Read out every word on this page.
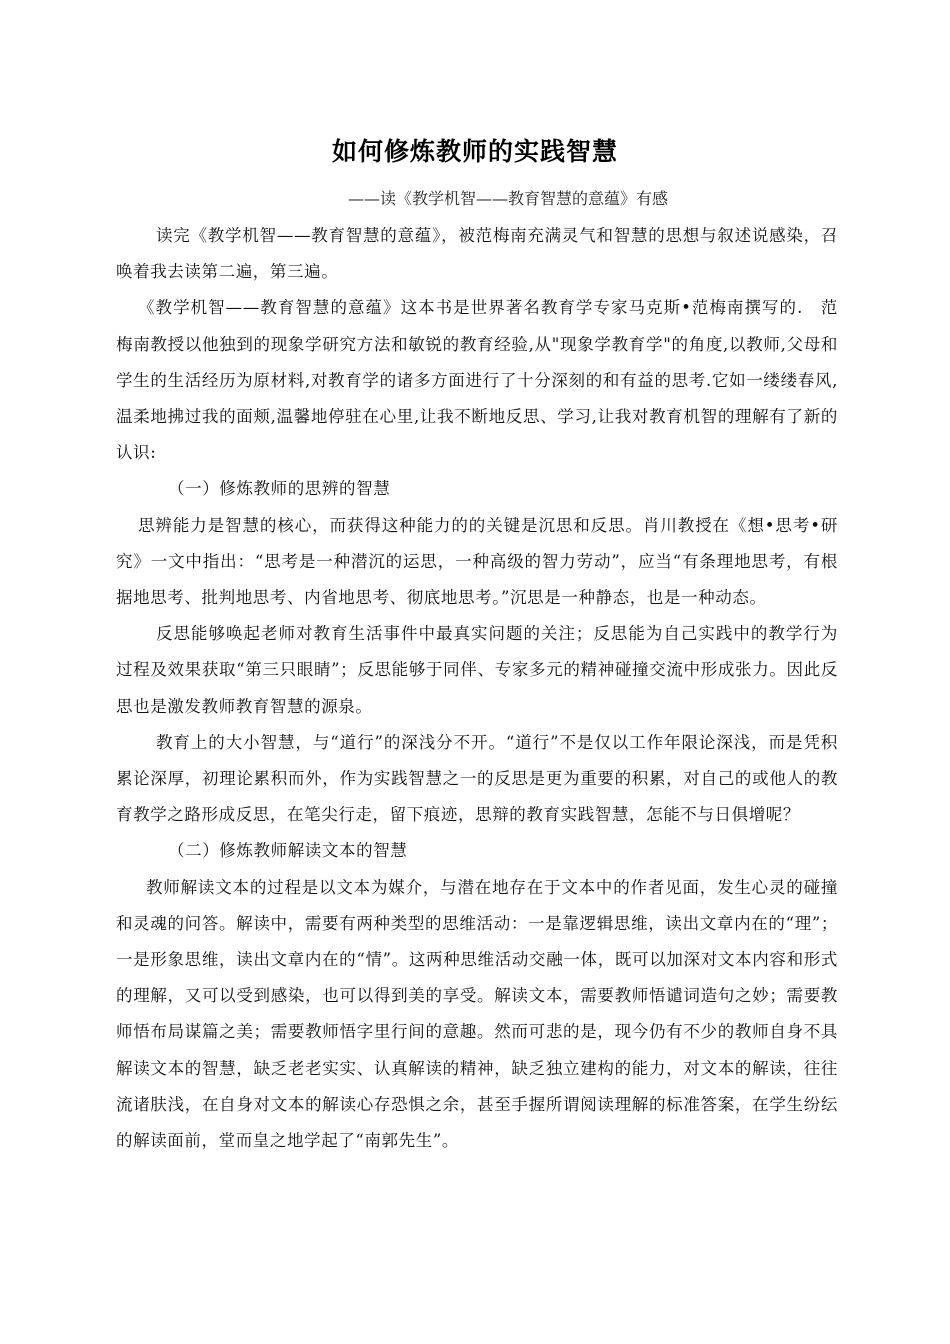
如何修炼教师的实践智慧
——读《教学机智——教育智慧的意蕴》有感

读完《教学机智——教育智慧的意蕴》，被范梅南充满灵气和智慧的思想与叙述说感染，召唤着我去读第二遍，第三遍。

《教学机智——教育智慧的意蕴》这本书是世界著名教育学专家马克斯•范梅南撰写的.　范梅南教授以他独到的现象学研究方法和敏锐的教育经验,从"现象学教育学"的角度,以教师,父母和学生的生活经历为原材料,对教育学的诸多方面进行了十分深刻的和有益的思考.它如一缕缕春风,温柔地拂过我的面颊,温馨地停驻在心里,让我不断地反思、学习,让我对教育机智的理解有了新的认识:

（一）修炼教师的思辨的智慧

思辨能力是智慧的核心，而获得这种能力的的关键是沉思和反思。肖川教授在《想•思考•研究》一文中指出：“思考是一种潜沉的运思，一种高级的智力劳动”，应当“有条理地思考，有根据地思考、批判地思考、内省地思考、彻底地思考。”沉思是一种静态，也是一种动态。

反思能够唤起老师对教育生活事件中最真实问题的关注；反思能为自己实践中的教学行为过程及效果获取“第三只眼睛”；反思能够于同伴、专家多元的精神碰撞交流中形成张力。因此反思也是激发教师教育智慧的源泉。

教育上的大小智慧，与“道行”的深浅分不开。“道行”不是仅以工作年限论深浅，而是凭积累论深厚，初理论累积而外，作为实践智慧之一的反思是更为重要的积累，对自己的或他人的教育教学之路形成反思，在笔尖行走，留下痕迹，思辩的教育实践智慧，怎能不与日俱增呢？

（二）修炼教师解读文本的智慧

教师解读文本的过程是以文本为媒介，与潜在地存在于文本中的作者见面，发生心灵的碰撞和灵魂的问答。解读中，需要有两种类型的思维活动：一是靠逻辑思维，读出文章内在的“理”；一是形象思维，读出文章内在的“情”。这两种思维活动交融一体，既可以加深对文本内容和形式的理解，又可以受到感染，也可以得到美的享受。解读文本，需要教师悟谴词造句之妙；需要教师悟布局谋篇之美；需要教师悟字里行间的意趣。然而可悲的是，现今仍有不少的教师自身不具解读文本的智慧，缺乏老老实实、认真解读的精神，缺乏独立建构的能力，对文本的解读，往往流诸肤浅，在自身对文本的解读心存恐惧之余，甚至手握所谓阅读理解的标准答案，在学生纷纭的解读面前，堂而皇之地学起了“南郭先生”。
